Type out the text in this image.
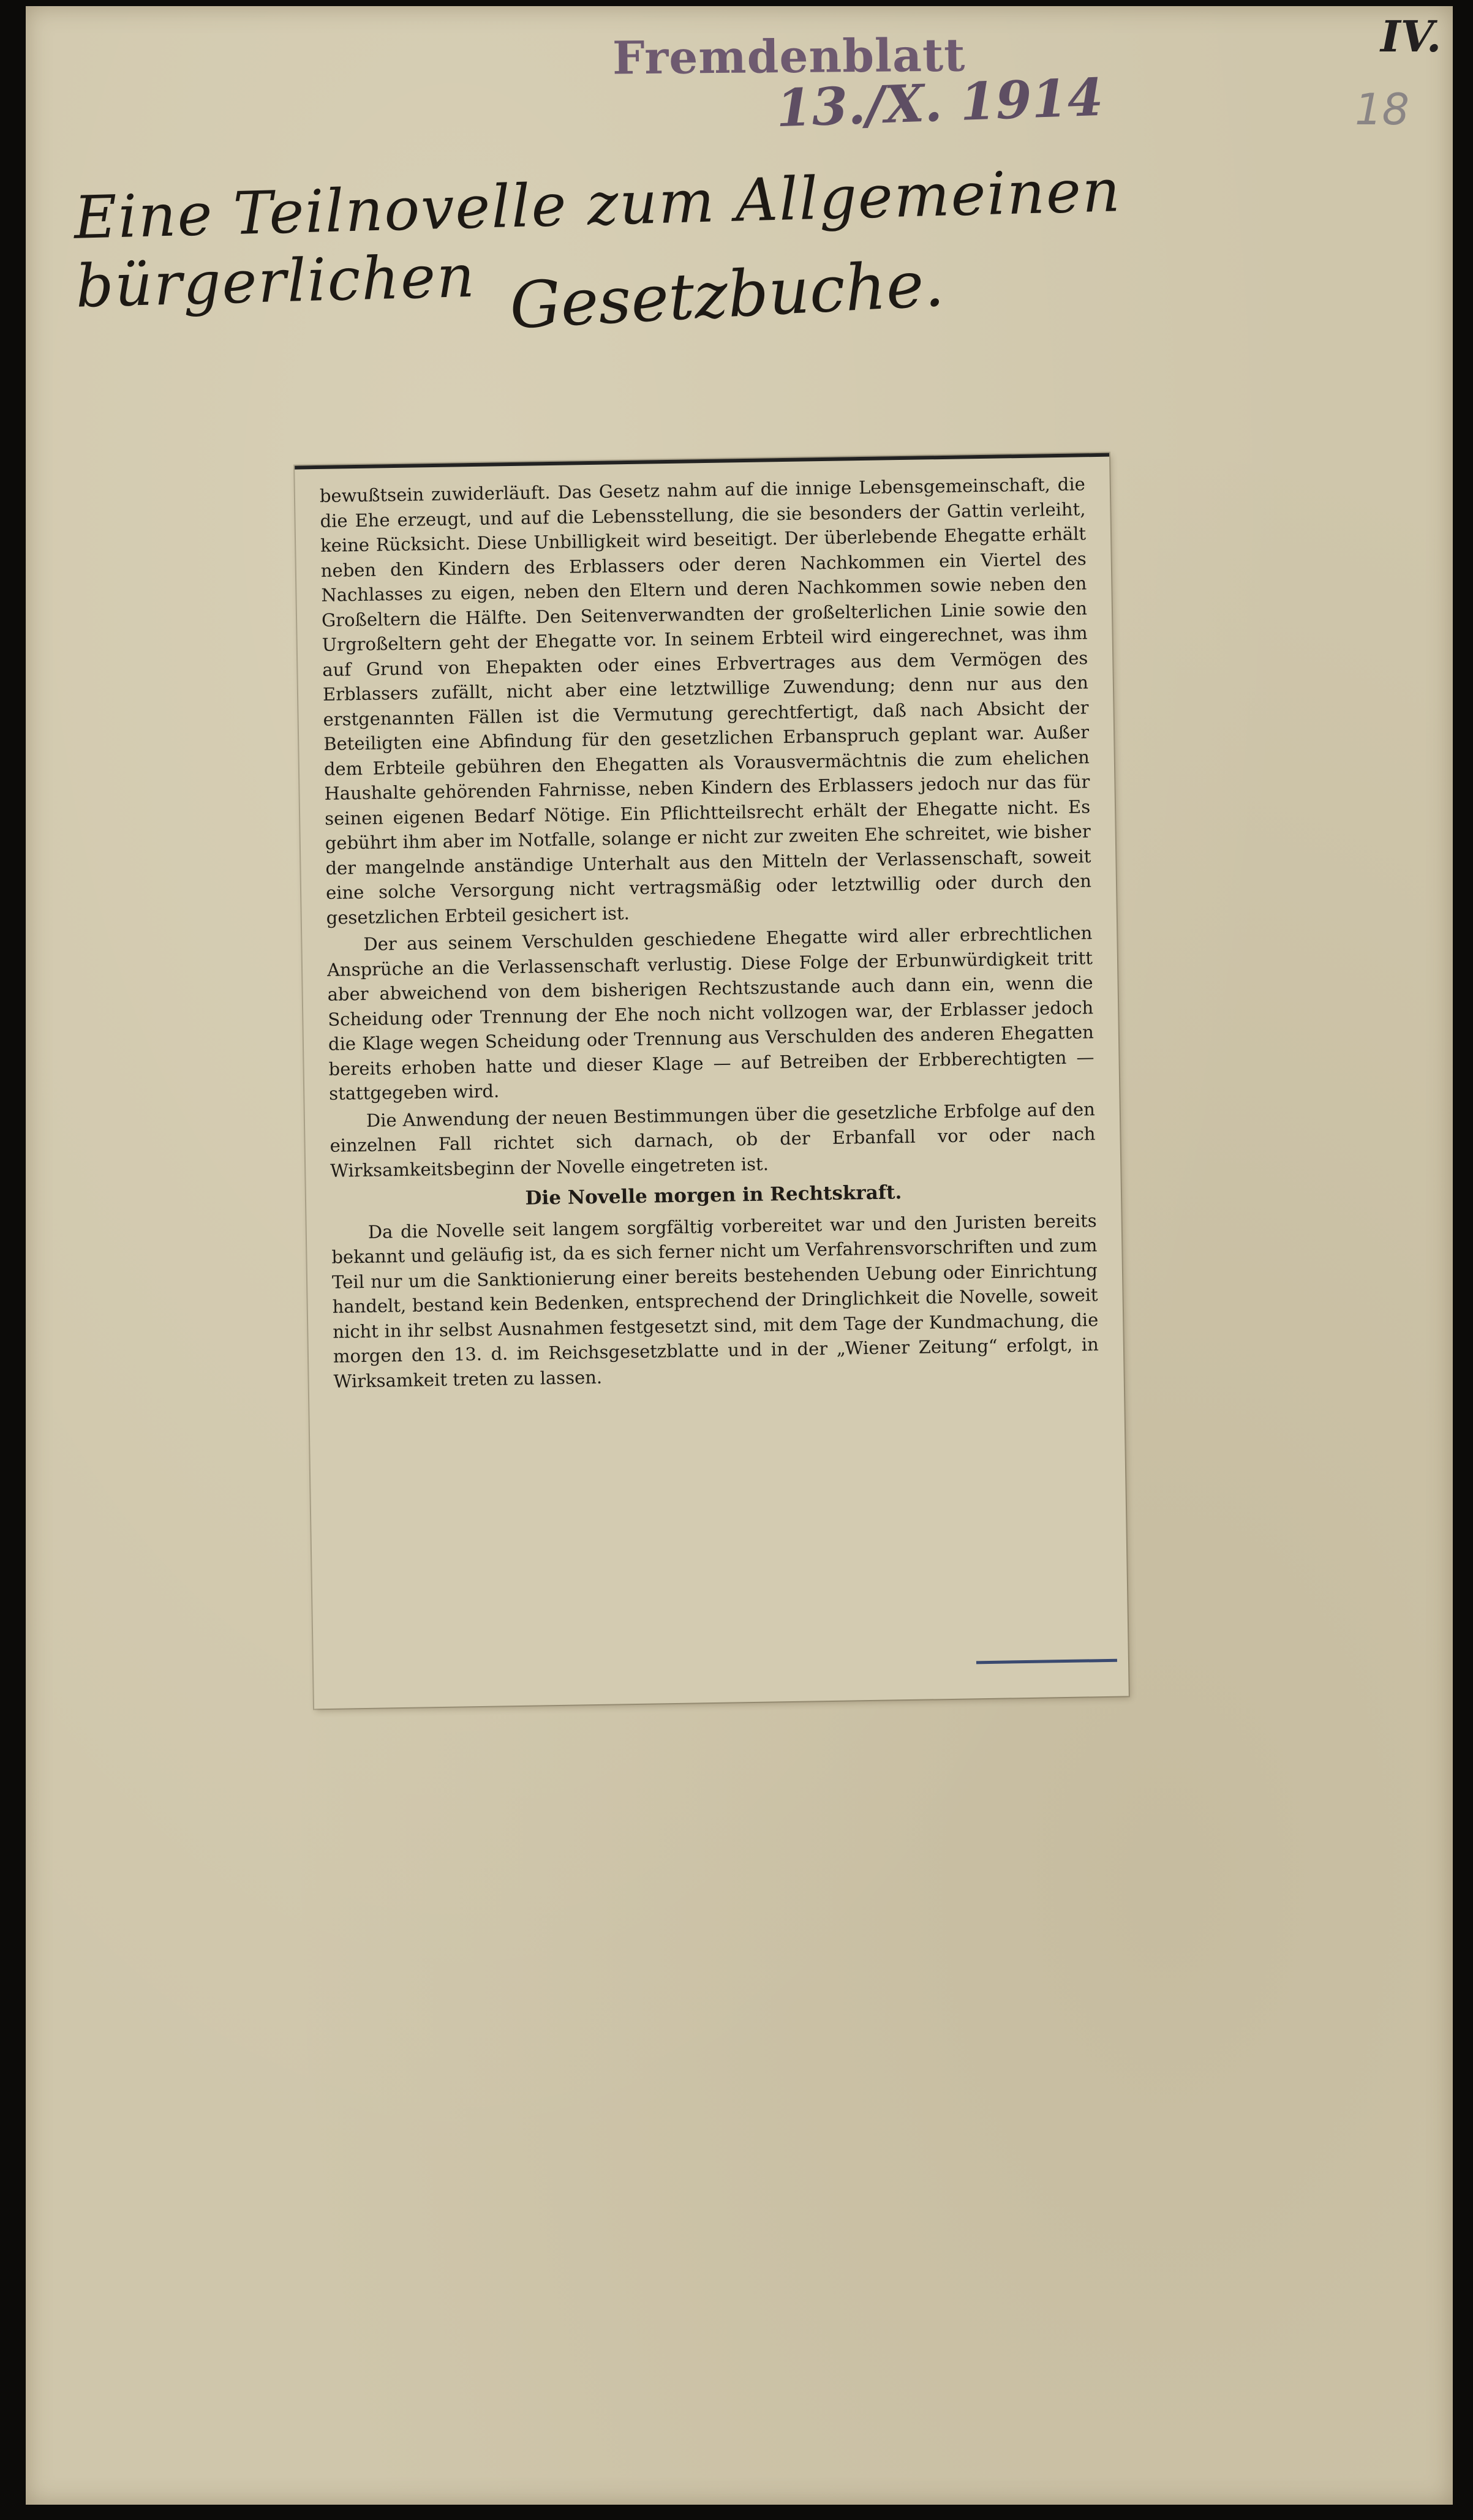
Fremdenblatt
13./X. 1914
IV.
18
Eine Teilnovelle zum Allgemeinen bürgerlichen Gesetzbuche.

bewußtsein zuwiderläuft. Das Gesetz nahm auf die innige Lebensgemeinschaft, die die Ehe erzeugt, und auf die Lebensstellung, die sie besonders der Gattin verleiht, keine Rücksicht. Diese Unbilligkeit wird beseitigt. Der überlebende Ehegatte erhält neben den Kindern des Erblassers oder deren Nachkommen ein Viertel des Nachlasses zu eigen, neben den Eltern und deren Nachkommen sowie neben den Großeltern die Hälfte. Den Seitenverwandten der großelterlichen Linie sowie den Urgroßeltern geht der Ehegatte vor. In seinem Erbteil wird eingerechnet, was ihm auf Grund von Ehepakten oder eines Erbvertrages aus dem Vermögen des Erblassers zufällt, nicht aber eine letztwillige Zuwendung; denn nur aus den erstgenannten Fällen ist die Vermutung gerechtfertigt, daß nach Absicht der Beteiligten eine Abfindung für den gesetzlichen Erbanspruch geplant war. Außer dem Erbteile gebühren den Ehegatten als Vorausvermächtnis die zum ehelichen Haushalte gehörenden Fahrnisse, neben Kindern des Erblassers jedoch nur das für seinen eigenen Bedarf Nötige. Ein Pflichtteilsrecht erhält der Ehegatte nicht. Es gebührt ihm aber im Notfalle, solange er nicht zur zweiten Ehe schreitet, wie bisher der mangelnde anständige Unterhalt aus den Mitteln der Verlassenschaft, soweit eine solche Versorgung nicht vertragsmäßig oder letztwillig oder durch den gesetzlichen Erbteil gesichert ist.

Der aus seinem Verschulden geschiedene Ehegatte wird aller erbrechtlichen Ansprüche an die Verlassenschaft verlustig. Diese Folge der Erbunwürdigkeit tritt aber abweichend von dem bisherigen Rechtszustande auch dann ein, wenn die Scheidung oder Trennung der Ehe noch nicht vollzogen war, der Erblasser jedoch die Klage wegen Scheidung oder Trennung aus Verschulden des anderen Ehegatten bereits erhoben hatte und dieser Klage — auf Betreiben der Erbberechtigten — stattgegeben wird.

Die Anwendung der neuen Bestimmungen über die gesetzliche Erbfolge auf den einzelnen Fall richtet sich darnach, ob der Erbanfall vor oder nach Wirksamkeitsbeginn der Novelle eingetreten ist.

Die Novelle morgen in Rechtskraft.

Da die Novelle seit langem sorgfältig vorbereitet war und den Juristen bereits bekannt und geläufig ist, da es sich ferner nicht um Verfahrensvorschriften und zum Teil nur um die Sanktionierung einer bereits bestehenden Uebung oder Einrichtung handelt, bestand kein Bedenken, entsprechend der Dringlichkeit die Novelle, soweit nicht in ihr selbst Ausnahmen festgesetzt sind, mit dem Tage der Kundmachung, die morgen den 13. d. im Reichsgesetzblatte und in der „Wiener Zeitung“ erfolgt, in Wirksamkeit treten zu lassen.
